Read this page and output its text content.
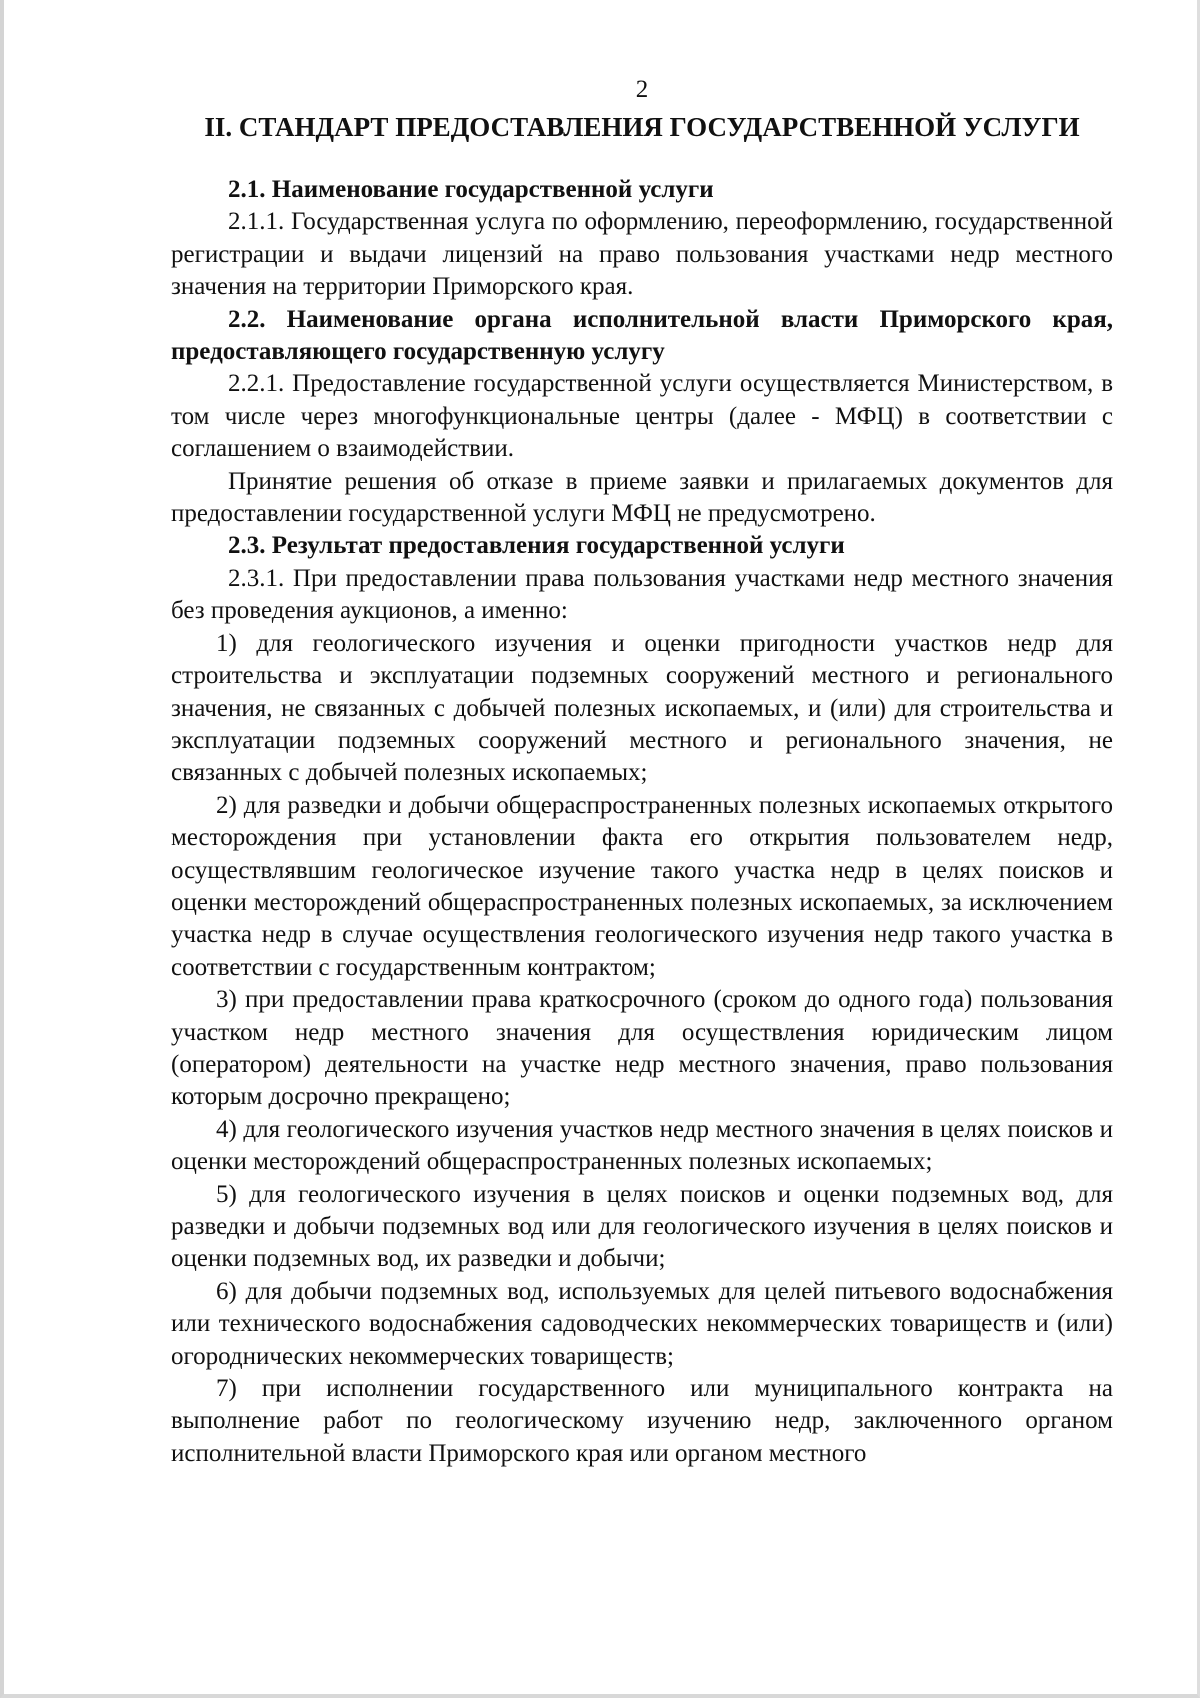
2
II. СТАНДАРТ ПРЕДОСТАВЛЕНИЯ ГОСУДАРСТВЕННОЙ УСЛУГИ

2.1. Наименование государственной услуги

2.1.1. Государственная услуга по оформлению, переоформлению, государственной регистрации и выдачи лицензий на право пользования участками недр местного значения на территории Приморского края.

2.2. Наименование органа исполнительной власти Приморского края, предоставляющего государственную услугу

2.2.1. Предоставление государственной услуги осуществляется Министерством, в том числе через многофункциональные центры (далее - МФЦ) в соответствии с соглашением о взаимодействии.

Принятие решения об отказе в приеме заявки и прилагаемых документов для предоставлении государственной услуги МФЦ не предусмотрено.

2.3. Результат предоставления государственной услуги

2.3.1. При предоставлении права пользования участками недр местного значения без проведения аукционов, а именно:

1) для геологического изучения и оценки пригодности участков недр для строительства и эксплуатации подземных сооружений местного и регионального значения, не связанных с добычей полезных ископаемых, и (или) для строительства и эксплуатации подземных сооружений местного и регионального значения, не связанных с добычей полезных ископаемых;

2) для разведки и добычи общераспространенных полезных ископаемых открытого месторождения при установлении факта его открытия пользователем недр, осуществлявшим геологическое изучение такого участка недр в целях поисков и оценки месторождений общераспространенных полезных ископаемых, за исключением участка недр в случае осуществления геологического изучения недр такого участка в соответствии с государственным контрактом;

3) при предоставлении права краткосрочного (сроком до одного года) пользования участком недр местного значения для осуществления юридическим лицом (оператором) деятельности на участке недр местного значения, право пользования которым досрочно прекращено;

4) для геологического изучения участков недр местного значения в целях поисков и оценки месторождений общераспространенных полезных ископаемых;

5) для геологического изучения в целях поисков и оценки подземных вод, для разведки и добычи подземных вод или для геологического изучения в целях поисков и оценки подземных вод, их разведки и добычи;

6) для добычи подземных вод, используемых для целей питьевого водоснабжения или технического водоснабжения садоводческих некоммерческих товариществ и (или) огороднических некоммерческих товариществ;

7) при исполнении государственного или муниципального контракта на выполнение работ по геологическому изучению недр, заключенного органом исполнительной власти Приморского края или органом местного
